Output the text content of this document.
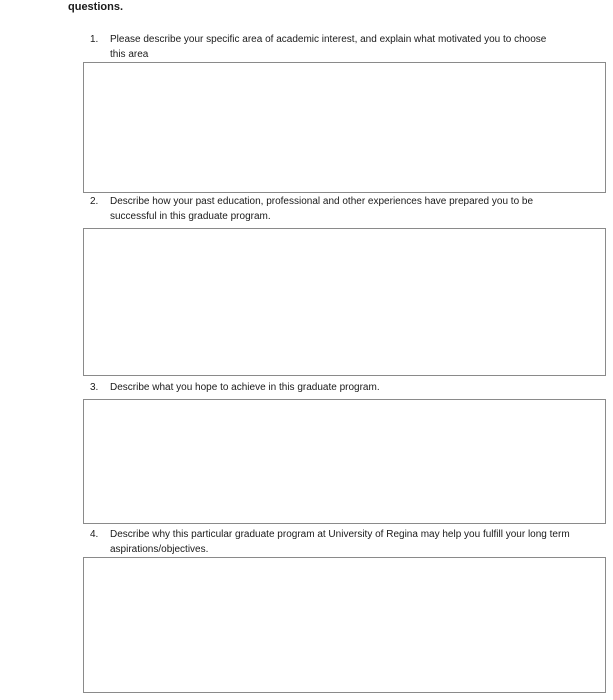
questions.
1. Please describe your specific area of academic interest, and explain what motivated you to choose this area
2. Describe how your past education, professional and other experiences have prepared you to be successful in this graduate program.
3. Describe what you hope to achieve in this graduate program.
4. Describe why this particular graduate program at University of Regina may help you fulfill your long term aspirations/objectives.
